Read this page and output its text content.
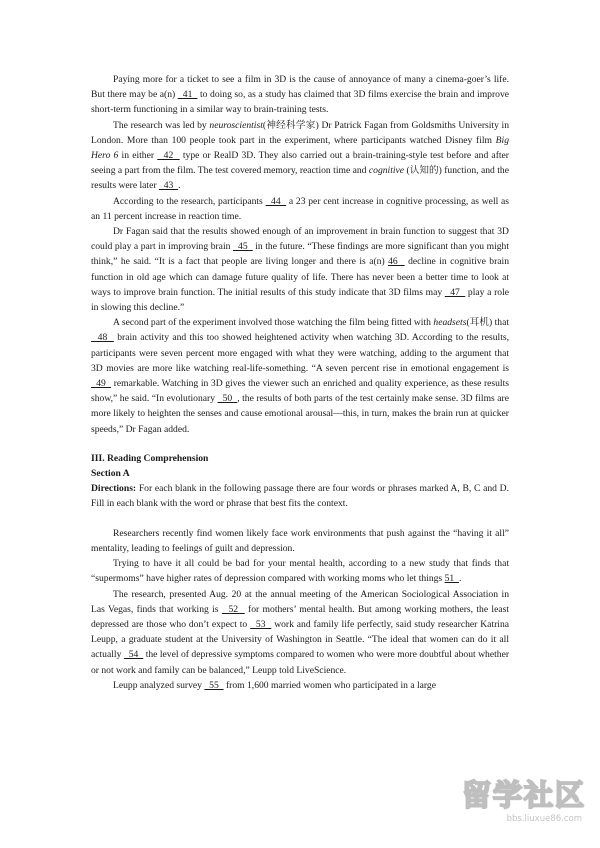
Paying more for a ticket to see a film in 3D is the cause of annoyance of many a cinema-goer’s life. But there may be a(n)   41   to doing so, as a study has claimed that 3D films exercise the brain and improve short-term functioning in a similar way to brain-training tests.

The research was led by neuroscientist(神经科学家) Dr Patrick Fagan from Goldsmiths University in London. More than 100 people took part in the experiment, where participants watched Disney film Big Hero 6 in either   42   type or RealD 3D. They also carried out a brain-training-style test before and after seeing a part from the film. The test covered memory, reaction time and cognitive (认知的) function, and the results were later   43  .

According to the research, participants   44   a 23 per cent increase in cognitive processing, as well as an 11 percent increase in reaction time.

Dr Fagan said that the results showed enough of an improvement in brain function to suggest that 3D could play a part in improving brain   45   in the future. “These findings are more significant than you might think,” he said. “It is a fact that people are living longer and there is a(n) 46   decline in cognitive brain function in old age which can damage future quality of life. There has never been a better time to look at ways to improve brain function. The initial results of this study indicate that 3D films may   47   play a role in slowing this decline.”

A second part of the experiment involved those watching the film being fitted with headsets(耳机) that   48   brain activity and this too showed heightened activity when watching 3D. According to the results, participants were seven percent more engaged with what they were watching, adding to the argument that 3D movies are more like watching real-life-something. “A seven percent rise in emotional engagement is   49   remarkable. Watching in 3D gives the viewer such an enriched and quality experience, as these results show,” he said. “In evolutionary   50  , the results of both parts of the test certainly make sense. 3D films are more likely to heighten the senses and cause emotional arousal—this, in turn, makes the brain run at quicker speeds,” Dr Fagan added.

III. Reading Comprehension

Section A

Directions: For each blank in the following passage there are four words or phrases marked A, B, C and D. Fill in each blank with the word or phrase that best fits the context.

Researchers recently find women likely face work environments that push against the “having it all” mentality, leading to feelings of guilt and depression.

Trying to have it all could be bad for your mental health, according to a new study that finds that “supermoms” have higher rates of depression compared with working moms who let things 51  .

The research, presented Aug. 20 at the annual meeting of the American Sociological Association in Las Vegas, finds that working is   52   for mothers’ mental health. But among working mothers, the least depressed are those who don’t expect to   53   work and family life perfectly, said study researcher Katrina Leupp, a graduate student at the University of Washington in Seattle. “The ideal that women can do it all actually   54   the level of depressive symptoms compared to women who were more doubtful about whether or not work and family can be balanced,” Leupp told LiveScience.

Leupp analyzed survey   55   from 1,600 married women who participated in a large

留学社区
bbs.liuxue86.com
